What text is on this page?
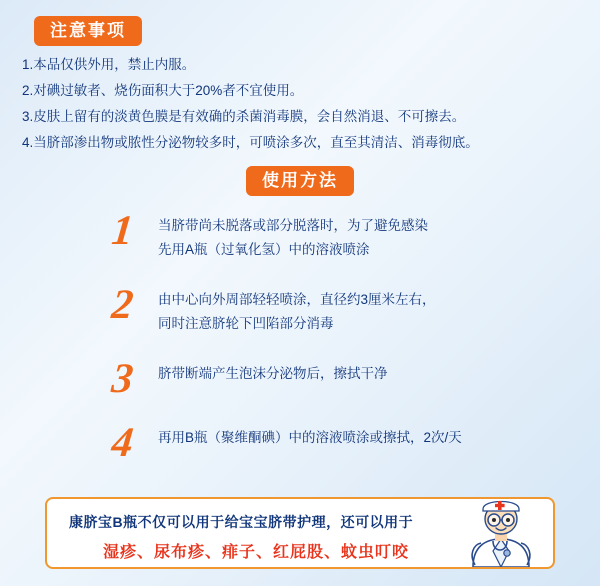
注意事项
1.本品仅供外用，禁止内服。
2.对碘过敏者、烧伤面积大于20%者不宜使用。
3.皮肤上留有的淡黄色膜是有效确的杀菌消毒膜，会自然消退、不可擦去。
4.当脐部渗出物或脓性分泌物较多时，可喷涂多次，直至其清洁、消毒彻底。
使用方法
1	当脐带尚未脱落或部分脱落时，为了避免感染
先用A瓶（过氧化氢）中的溶液喷涂
2	由中心向外周部轻轻喷涂，直径约3厘米左右，
同时注意脐轮下凹陷部分消毒
3	脐带断端产生泡沫分泌物后，擦拭干净
4	再用B瓶（聚维酮碘）中的溶液喷涂或擦拭，2次/天
康脐宝B瓶不仅可以用于给宝宝脐带护理，还可以用于
湿疹、尿布疹、痱子、红屁股、蚊虫叮咬
